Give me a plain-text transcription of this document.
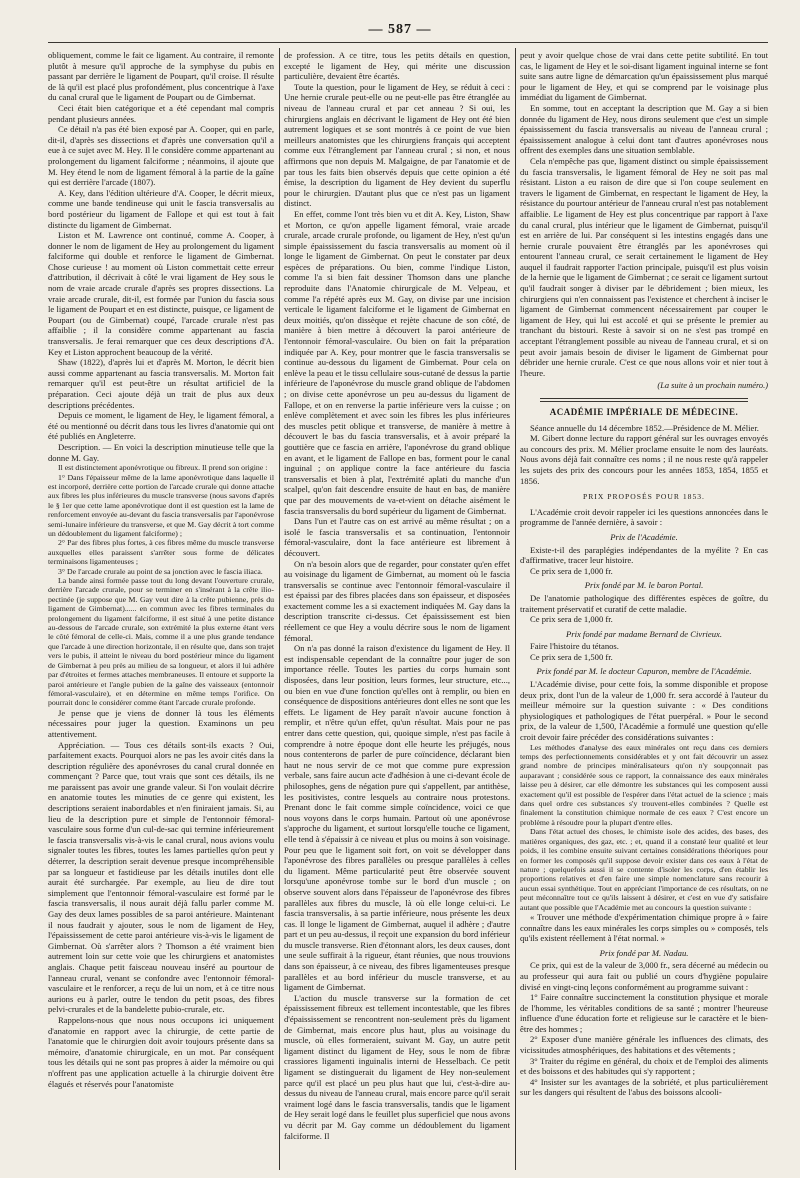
— 587 —

obliquement, comme le fait ce ligament. Au contraire, il remonte plutôt à mesure qu'il approche de la symphyse du pubis en passant par derrière le ligament de Poupart, qu'il croise. Il résulte de là qu'il est placé plus profondément, plus concentrique à l'axe du canal crural que le ligament de Poupart ou de Gimbernat.

Ceci était bien catégorique et a été cependant mal compris pendant plusieurs années.

Ce détail n'a pas été bien exposé par A. Cooper, qui en parle, dit-il, d'après ses dissections et d'après une conversation qu'il a eue à ce sujet avec M. Hey. Il le considère comme appartenant au prolongement du ligament falciforme ; néanmoins, il ajoute que M. Hey étend le nom de ligament fémoral à la partie de la gaîne qui est derrière l'arcade (1807).

A. Key, dans l'édition ultérieure d'A. Cooper, le décrit mieux, comme une bande tendineuse qui unit le fascia transversalis au bord postérieur du ligament de Fallope et qui est tout à fait distincte du ligament de Gimbernat.

Liston et M. Lawrence ont continué, comme A. Cooper, à donner le nom de ligament de Hey au prolongement du ligament falciforme qui double et renforce le ligament de Gimbernat. Chose curieuse ! au moment où Liston commettait cette erreur d'attribution, il décrivait à côté le vrai ligament de Hey sous le nom de vraie arcade crurale d'après ses propres dissections. La vraie arcade crurale, dit-il, est formée par l'union du fascia sous le ligament de Poupart et en est distincte, puisque, ce ligament de Poupart (ou de Gimbernat) coupé, l'arcade crurale n'est pas affaiblie ; il la considère comme appartenant au fascia transversalis. Je ferai remarquer que ces deux descriptions d'A. Key et Liston approchent beaucoup de la vérité.

Shaw (1822), d'après lui et d'après M. Morton, le décrit bien aussi comme appartenant au fascia transversalis. M. Morton fait remarquer qu'il est peut-être un résultat artificiel de la préparation. Ceci ajoute déjà un trait de plus aux deux descriptions précédentes.

Depuis ce moment, le ligament de Hey, le ligament fémoral, a été ou mentionné ou décrit dans tous les livres d'anatomie qui ont été publiés en Angleterre.

Description. — En voici la description minutieuse telle que la donne M. Gay.

Il est distinctement aponévrotique ou fibreux. Il prend son origine :

1° Dans l'épaisseur même de la lame aponévrotique dans laquelle il est incorporé, derrière cette portion de l'arcade crurale qui donne attache aux fibres les plus inférieures du muscle transverse (nous savons d'après le § 1er que cette lame aponévrotique dont il est question est la lame de renforcement envoyée au-devant du fascia transversalis par l'aponévrose semi-lunaire inférieure du transverse, et que M. Gay décrit à tort comme un dédoublement du ligament falciforme) ;

2° Par des fibres plus fortes, à ces fibres même du muscle transverse auxquelles elles paraissent s'arrêter sous forme de délicates terminaisons ligamenteuses ;

3° De l'arcade crurale au point de sa jonction avec le fascia iliaca.

La bande ainsi formée passe tout du long devant l'ouverture crurale, derrière l'arcade crurale, pour se terminer en s'insérant à la crête ilio-pectinée (je suppose que M. Gay veut dire à la crête pubienne, près du ligament de Gimbernat)...... en commun avec les fibres terminales du prolongement du ligament falciforme, il est situé à une petite distance au-dessous de l'arcade crurale, son extrémité la plus externe étant vers le côté fémoral de celle-ci. Mais, comme il a une plus grande tendance que l'arcade à une direction horizontale, il en résulte que, dans son trajet vers le pubis, il atteint le niveau du bord postérieur mince du ligament de Gimbernat à peu près au milieu de sa longueur, et alors il lui adhère par d'étroites et fermes attaches membraneuses. Il entoure et supporte la paroi antérieure et l'angle pubien de la gaîne des vaisseaux (entonnoir fémoral-vasculaire), et en détermine en même temps l'orifice. On pourrait donc le considérer comme étant l'arcade crurale profonde.

Je pense que je viens de donner là tous les éléments nécessaires pour juger la question. Examinons un peu attentivement.

Appréciation. — Tous ces détails sont-ils exacts ? Oui, parfaitement exacts. Pourquoi alors ne pas les avoir cités dans la description régulière des aponévroses du canal crural donnée en commençant ? Parce que, tout vrais que sont ces détails, ils ne me paraissent pas avoir une grande valeur. Si l'on voulait décrire en anatomie toutes les minuties de ce genre qui existent, les descriptions seraient inabordables et n'en finiraient jamais. Si, au lieu de la description pure et simple de l'entonnoir fémoral-vasculaire sous forme d'un cul-de-sac qui termine inférieurement le fascia transversalis vis-à-vis le canal crural, nous avions voulu signaler toutes les fibres, toutes les lames partielles qu'on peut y déterrer, la description serait devenue presque incompréhensible par sa longueur et fastidieuse par les détails inutiles dont elle aurait été surchargée. Par exemple, au lieu de dire tout simplement que l'entonnoir fémoral-vasculaire est formé par le fascia transversalis, il nous aurait déjà fallu parler comme M. Gay des deux lames possibles de sa paroi antérieure. Maintenant il nous faudrait y ajouter, sous le nom de ligament de Hey, l'épaississement de cette paroi antérieure vis-à-vis le ligament de Gimbernat. Où s'arrêter alors ? Thomson a été vraiment bien autrement loin sur cette voie que les chirurgiens et anatomistes anglais. Chaque petit faisceau nouveau inséré au pourtour de l'anneau crural, venant se confondre avec l'entonnoir fémoral-vasculaire et le renforcer, a reçu de lui un nom, et à ce titre nous aurions eu à parler, outre le tendon du petit psoas, des fibres pelvi-crurales et de la bandelette pubio-crurale, etc.

Rappelons-nous que nous nous occupons ici uniquement d'anatomie en rapport avec la chirurgie, de cette partie de l'anatomie que le chirurgien doit avoir toujours présente dans sa mémoire, d'anatomie chirurgicale, en un mot. Par conséquent tous les détails qui ne sont pas propres à aider la mémoire ou qui n'offrent pas une application actuelle à la chirurgie doivent être élagués et réservés pour l'anatomiste

de profession. A ce titre, tous les petits détails en question, excepté le ligament de Hey, qui mérite une discussion particulière, devaient être écartés.

Toute la question, pour le ligament de Hey, se réduit à ceci : Une hernie crurale peut-elle ou ne peut-elle pas être étranglée au niveau de l'anneau crural et par cet anneau ? Si oui, les chirurgiens anglais en décrivant le ligament de Hey ont été bien autrement logiques et se sont montrés à ce point de vue bien meilleurs anatomistes que les chirurgiens français qui acceptent comme eux l'étranglement par l'anneau crural ; si non, et nous affirmons que non depuis M. Malgaigne, de par l'anatomie et de par tous les faits bien observés depuis que cette opinion a été émise, la description du ligament de Hey devient du superflu pour le chirurgien. D'autant plus que ce n'est pas un ligament distinct.

En effet, comme l'ont très bien vu et dit A. Key, Liston, Shaw et Morton, ce qu'on appelle ligament fémoral, vraie arcade crurale, arcade crurale profonde, ou ligament de Hey, n'est qu'un simple épaississement du fascia transversalis au moment où il longe le ligament de Gimbernat. On peut le constater par deux espèces de préparations. Ou bien, comme l'indique Liston, comme l'a si bien fait dessiner Thomson dans une planche reproduite dans l'Anatomie chirurgicale de M. Velpeau, et comme l'a répété après eux M. Gay, on divise par une incision verticale le ligament falciforme et le ligament de Gimbernat en deux moitiés, qu'on dissèque et rejète chacune de son côté, de manière à bien mettre à découvert la paroi antérieure de l'entonnoir fémoral-vasculaire. Ou bien on fait la préparation indiquée par A. Key, pour montrer que le fascia transversalis se continue au-dessous du ligament de Gimbernat. Pour cela on enlève la peau et le tissu cellulaire sous-cutané de dessus la partie inférieure de l'aponévrose du muscle grand oblique de l'abdomen ; on divise cette aponévrose un peu au-dessus du ligament de Fallope, et on en renverse la partie inférieure vers la cuisse ; on enlève complètement et avec soin les fibres les plus inférieures des muscles petit oblique et transverse, de manière à mettre à découvert le bas du fascia transversalis, et à avoir préparé la gouttière que ce fascia en arrière, l'aponévrose du grand oblique en avant, et le ligament de Fallope en bas, forment pour le canal inguinal ; on applique contre la face antérieure du fascia transversalis et bien à plat, l'extrémité aplati du manche d'un scalpel, qu'on fait descendre ensuite de haut en bas, de manière que par des mouvements de va-et-vient on détache aisément le fascia transversalis du bord supérieur du ligament de Gimbernat.

Dans l'un et l'autre cas on est arrivé au même résultat ; on a isolé le fascia transversalis et sa continuation, l'entonnoir fémoral-vasculaire, dont la face antérieure est librement à découvert.

On n'a besoin alors que de regarder, pour constater qu'en effet au voisinage du ligament de Gimbernat, au moment où le fascia transversalis se continue avec l'entonnoir fémoral-vasculaire il est épaissi par des fibres placées dans son épaisseur, et disposées exactement comme les a si exactement indiquées M. Gay dans la description transcrite ci-dessus. Cet épaississement est bien réellement ce que Hey a voulu décrire sous le nom de ligament fémoral.

On n'a pas donné la raison d'existence du ligament de Hey. Il est indispensable cependant de la connaître pour juger de son importance réelle. Toutes les parties du corps humain sont disposées, dans leur position, leurs formes, leur structure, etc..., ou bien en vue d'une fonction qu'elles ont à remplir, ou bien en conséquence de dispositions antérieures dont elles ne sont que les effets. Le ligament de Hey paraît n'avoir aucune fonction à remplir, et n'être qu'un effet, qu'un résultat. Mais pour ne pas entrer dans cette question, qui, quoique simple, n'est pas facile à comprendre à notre époque dont elle heurte les préjugés, nous nous contenterons de parler de pure coïncidence, déclarant bien haut ne nous servir de ce mot que comme pure expression verbale, sans faire aucun acte d'adhésion à une ci-devant école de philosophes, gens de négation pure qui s'appellent, par antithèse, les positivistes, contre lesquels au contraire nous protestons. Prenant donc le fait comme simple coïncidence, voici ce que nous voyons dans le corps humain. Partout où une aponévrose s'approche du ligament, et surtout lorsqu'elle touche ce ligament, elle tend à s'épaissir à ce niveau et plus ou moins à son voisinage. Pour peu que le ligament soit fort, on voit se développer dans l'aponévrose des fibres parallèles ou presque parallèles à celles du ligament. Même particularité peut être observée souvent lorsqu'une aponévrose tombe sur le bord d'un muscle ; on observe souvent alors dans l'épaisseur de l'aponévrose des fibres parallèles aux fibres du muscle, là où elle longe celui-ci. Le fascia transversalis, à sa partie inférieure, nous présente les deux cas. Il longe le ligament de Gimbernat, auquel il adhère ; d'autre part et un peu au-dessus, il reçoit une expansion du bord inférieur du muscle transverse. Rien d'étonnant alors, les deux causes, dont une seule suffirait à la rigueur, étant réunies, que nous trouvions dans son épaisseur, à ce niveau, des fibres ligamenteuses presque parallèles et au bord inférieur du muscle transverse, et au ligament de Gimbernat.

L'action du muscle transverse sur la formation de cet épaississement fibreux est tellement incontestable, que les fibres d'épaississement se rencontrent non-seulement près du ligament de Gimbernat, mais encore plus haut, plus au voisinage du muscle, où elles formeraient, suivant M. Gay, un autre petit ligament distinct du ligament de Hey, sous le nom de fibræ crassiores ligamenti inguinalis interni de Hesselbach. Ce petit ligament se distinguerait du ligament de Hey non-seulement parce qu'il est placé un peu plus haut que lui, c'est-à-dire au-dessus du niveau de l'anneau crural, mais encore parce qu'il serait vraiment logé dans le fascia transversalis, tandis que le ligament de Hey serait logé dans le feuillet plus superficiel que nous avons vu décrit par M. Gay comme un dédoublement du ligament falciforme. Il

peut y avoir quelque chose de vrai dans cette petite subtilité. En tout cas, le ligament de Hey et le soi-disant ligament inguinal interne se font suite sans autre ligne de démarcation qu'un épaississement plus marqué pour le ligament de Hey, et qui se comprend par le voisinage plus immédiat du ligament de Gimbernat.

En somme, tout en acceptant la description que M. Gay a si bien donnée du ligament de Hey, nous dirons seulement que c'est un simple épaississement du fascia transversalis au niveau de l'anneau crural ; épaississement analogue à celui dont tant d'autres aponévroses nous offrent des exemples dans une situation semblable.

Cela n'empêche pas que, ligament distinct ou simple épaississement du fascia transversalis, le ligament fémoral de Hey ne soit pas mal résistant. Liston a eu raison de dire que si l'on coupe seulement en travers le ligament de Gimbernat, en respectant le ligament de Hey, la résistance du pourtour antérieur de l'anneau crural n'est pas notablement affaiblie. Le ligament de Hey est plus concentrique par rapport à l'axe du canal crural, plus intérieur que le ligament de Gimbernat, puisqu'il est en arrière de lui. Par conséquent si les intestins engagés dans une hernie crurale pouvaient être étranglés par les aponévroses qui entourent l'anneau crural, ce serait certainement le ligament de Hey auquel il faudrait rapporter l'action principale, puisqu'il est plus voisin de la hernie que le ligament de Gimbernat ; ce serait ce ligament surtout qu'il faudrait songer à diviser par le débridement ; bien mieux, les chirurgiens qui n'en connaissent pas l'existence et cherchent à inciser le ligament de Gimbernat commencent nécessairement par couper le ligament de Hey, qui lui est accolé et qui se présente le premier au tranchant du bistouri. Reste à savoir si on ne s'est pas trompé en acceptant l'étranglement possible au niveau de l'anneau crural, et si on peut avoir jamais besoin de diviser le ligament de Gimbernat pour débrider une hernie crurale. C'est ce que nous allons voir et nier tout à l'heure.

(La suite à un prochain numéro.)

ACADÉMIE IMPÉRIALE DE MÉDECINE.

Séance annuelle du 14 décembre 1852.—Présidence de M. Mélier.

M. Gibert donne lecture du rapport général sur les ouvrages envoyés au concours des prix. M. Mélier proclame ensuite le nom des lauréats. Nous avons déjà fait connaître ces noms ; il ne nous reste qu'à rappeler les sujets des prix des concours pour les années 1853, 1854, 1855 et 1856.

PRIX PROPOSÉS POUR 1853.

L'Académie croit devoir rappeler ici les questions annoncées dans le programme de l'année dernière, à savoir :

Prix de l'Académie.

Existe-t-il des paraplégies indépendantes de la myélite ? En cas d'affirmative, tracer leur histoire.

Ce prix sera de 1,000 fr.

Prix fondé par M. le baron Portal.

De l'anatomie pathologique des différentes espèces de goître, du traitement préservatif et curatif de cette maladie.

Ce prix sera de 1,000 fr.

Prix fondé par madame Bernard de Civrieux.

Faire l'histoire du tétanos.

Ce prix sera de 1,500 fr.

Prix fondé par M. le docteur Capuron, membre de l'Académie.

L'Académie divise, pour cette fois, la somme disponible et propose deux prix, dont l'un de la valeur de 1,000 fr. sera accordé à l'auteur du meilleur mémoire sur la question suivante : « Des conditions physiologiques et pathologiques de l'état puerpéral. » Pour le second prix, de la valeur de 1,500, l'Académie a formulé une question qu'elle croit devoir faire précéder des considérations suivantes :

Les méthodes d'analyse des eaux minérales ont reçu dans ces derniers temps des perfectionnements considérables et y ont fait découvrir un assez grand nombre de principes minéralisateurs qu'on n'y soupçonnait pas auparavant ; considérée sous ce rapport, la connaissance des eaux minérales laisse peu à désirer, car elle démontre les substances qui les composent aussi exactement qu'il est possible de l'espérer dans l'état actuel de la science ; mais dans quel ordre ces substances s'y trouvent-elles combinées ? Quelle est finalement la constitution chimique normale de ces eaux ? C'est encore un problème à résoudre pour la plupart d'entre elles.

Dans l'état actuel des choses, le chimiste isole des acides, des bases, des matières organiques, des gaz, etc. ; et, quand il a constaté leur qualité et leur poids, il les combine ensuite suivant certaines considérations théoriques pour en former les composés qu'il suppose devoir exister dans ces eaux à l'état de nature ; quelquefois aussi il se contente d'isoler les corps, d'en établir les proportions relatives et d'en faire une simple nomenclature sans recourir à aucun essai synthétique. Tout en appréciant l'importance de ces résultats, on ne peut méconnaître tout ce qu'ils laissent à désirer, et c'est en vue d'y satisfaire autant que possible que l'Académie met au concours la question suivante :

« Trouver une méthode d'expérimentation chimique propre à » faire connaître dans les eaux minérales les corps simples ou » composés, tels qu'ils existent réellement à l'état normal. »

Prix fondé par M. Nadau.

Ce prix, qui est de la valeur de 3,000 fr., sera décerné au médecin ou au professeur qui aura fait ou publié un cours d'hygiène populaire divisé en vingt-cinq leçons conformément au programme suivant :

1° Faire connaître succinctement la constitution physique et morale de l'homme, les véritables conditions de sa santé ; montrer l'heureuse influence d'une éducation forte et religieuse sur le caractère et le bien-être des hommes ;

2° Exposer d'une manière générale les influences des climats, des vicissitudes atmosphériques, des habitations et des vêtements ;

3° Traiter du régime en général, du choix et de l'emploi des aliments et des boissons et des habitudes qui s'y rapportent ;

4° Insister sur les avantages de la sobriété, et plus particulièrement sur les dangers qui résultent de l'abus des boissons alcooli-
